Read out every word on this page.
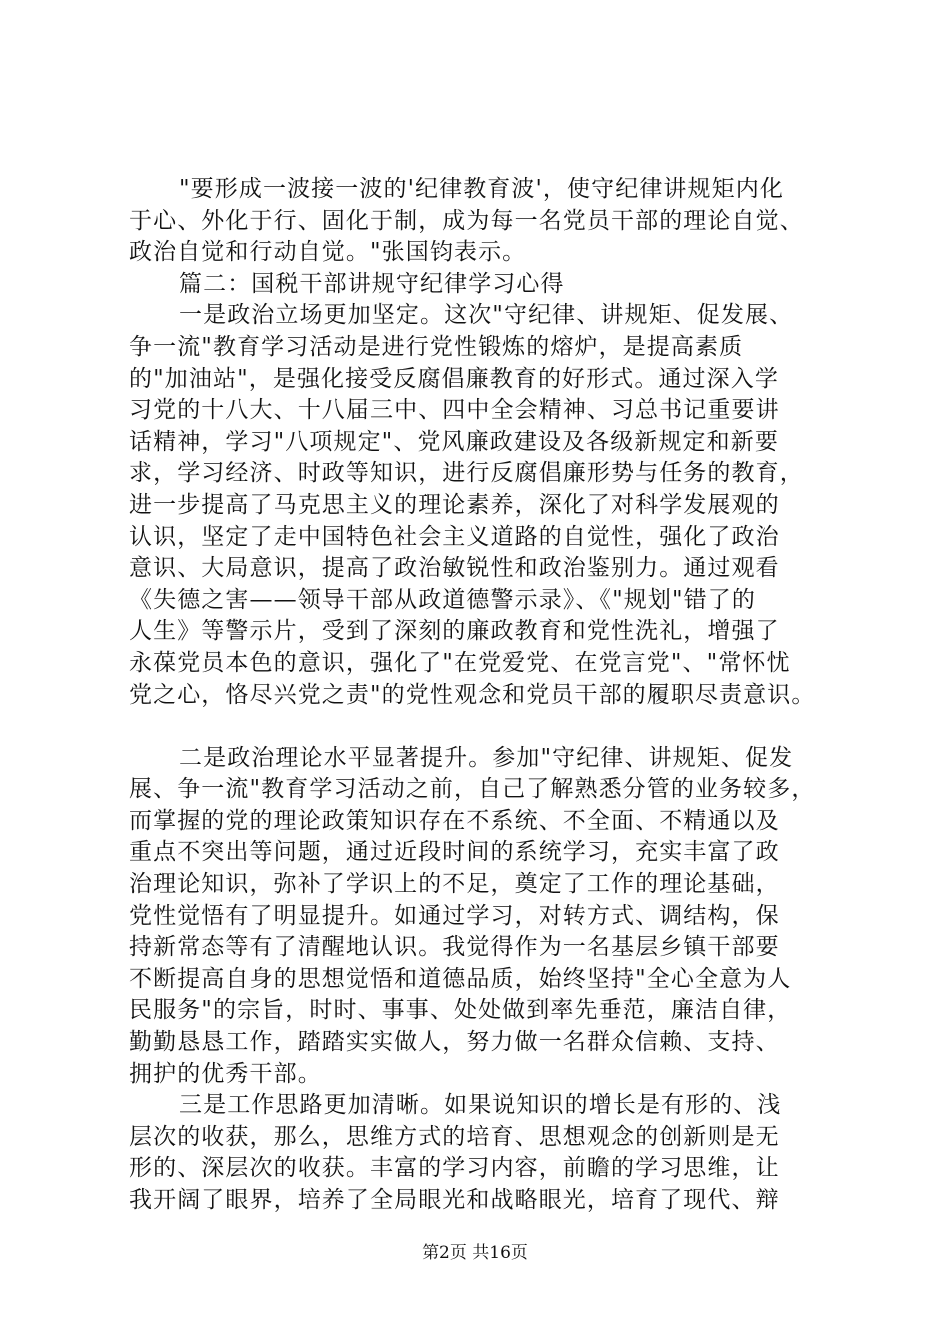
"要形成一波接一波的'纪律教育波'，使守纪律讲规矩内化
于心、外化于行、固化于制，成为每一名党员干部的理论自觉、
政治自觉和行动自觉。"张国钧表示。
篇二：国税干部讲规守纪律学习心得
一是政治立场更加坚定。这次"守纪律、讲规矩、促发展、
争一流"教育学习活动是进行党性锻炼的熔炉，是提高素质
的"加油站"，是强化接受反腐倡廉教育的好形式。通过深入学
习党的十八大、十八届三中、四中全会精神、习总书记重要讲
话精神，学习"八项规定"、党风廉政建设及各级新规定和新要
求，学习经济、时政等知识，进行反腐倡廉形势与任务的教育，
进一步提高了马克思主义的理论素养，深化了对科学发展观的
认识，坚定了走中国特色社会主义道路的自觉性，强化了政治
意识、大局意识，提高了政治敏锐性和政治鉴别力。通过观看
《失德之害——领导干部从政道德警示录》、《"规划"错了的
人生》等警示片，受到了深刻的廉政教育和党性洗礼，增强了
永葆党员本色的意识，强化了"在党爱党、在党言党"、"常怀忧
党之心，恪尽兴党之责"的党性观念和党员干部的履职尽责意识。
二是政治理论水平显著提升。参加"守纪律、讲规矩、促发
展、争一流"教育学习活动之前，自己了解熟悉分管的业务较多，
而掌握的党的理论政策知识存在不系统、不全面、不精通以及
重点不突出等问题，通过近段时间的系统学习，充实丰富了政
治理论知识，弥补了学识上的不足，奠定了工作的理论基础，
党性觉悟有了明显提升。如通过学习，对转方式、调结构，保
持新常态等有了清醒地认识。我觉得作为一名基层乡镇干部要
不断提高自身的思想觉悟和道德品质，始终坚持"全心全意为人
民服务"的宗旨，时时、事事、处处做到率先垂范，廉洁自律，
勤勤恳恳工作，踏踏实实做人，努力做一名群众信赖、支持、
拥护的优秀干部。
三是工作思路更加清晰。如果说知识的增长是有形的、浅
层次的收获，那么，思维方式的培育、思想观念的创新则是无
形的、深层次的收获。丰富的学习内容，前瞻的学习思维，让
我开阔了眼界，培养了全局眼光和战略眼光，培育了现代、辩
第2页 共16页
